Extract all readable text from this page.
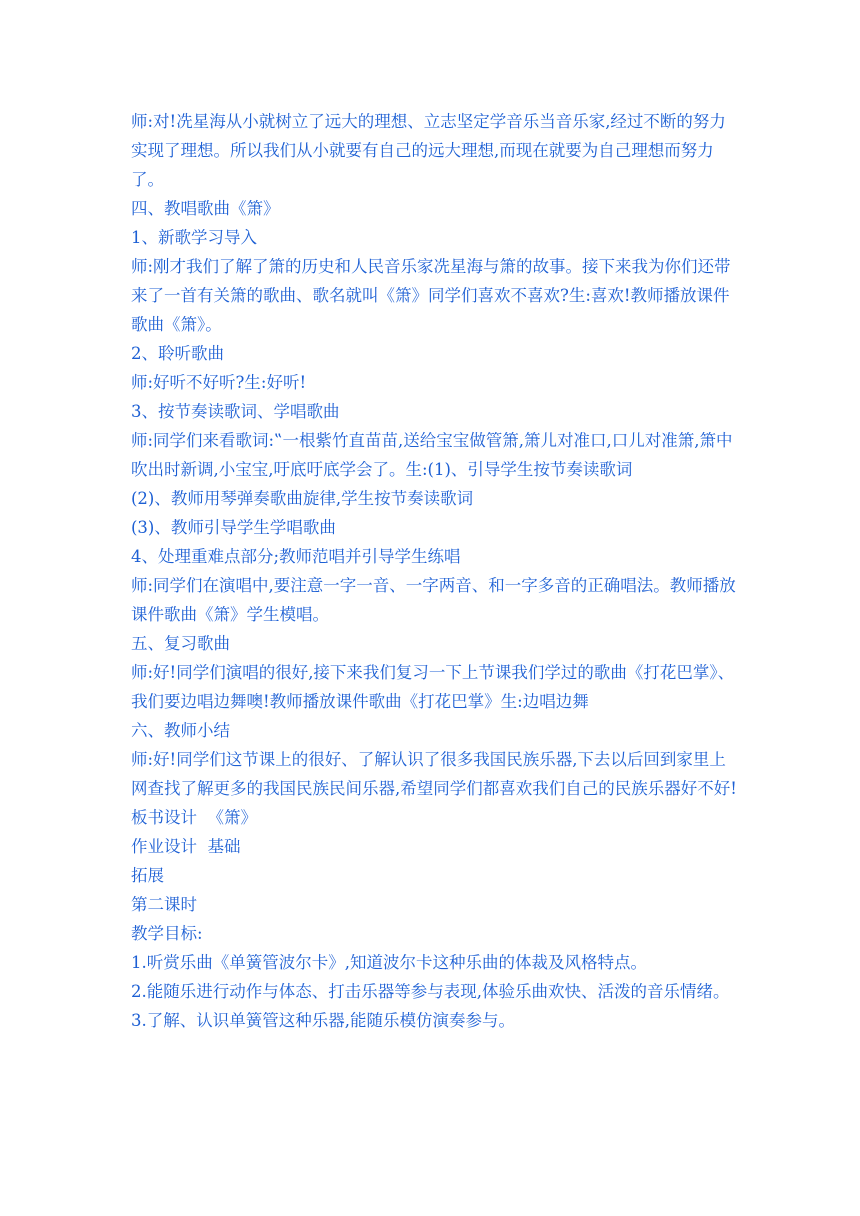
师:对!冼星海从小就树立了远大的理想、立志坚定学音乐当音乐家,经过不断的努力实现了理想。所以我们从小就要有自己的远大理想,而现在就要为自己理想而努力了。

四、教唱歌曲《箫》

1、新歌学习导入

师:刚才我们了解了箫的历史和人民音乐家冼星海与箫的故事。接下来我为你们还带来了一首有关箫的歌曲、歌名就叫《箫》同学们喜欢不喜欢?生:喜欢!教师播放课件歌曲《箫》。

2、聆听歌曲

师:好听不好听?生:好听!

3、按节奏读歌词、学唱歌曲

师:同学们来看歌词:‟一根紫竹直苗苗,送给宝宝做管箫,箫儿对准口,口儿对准箫,箫中吹出时新调,小宝宝,吁底吁底学会了。生:(1)、引导学生按节奏读歌词

(2)、教师用琴弹奏歌曲旋律,学生按节奏读歌词

(3)、教师引导学生学唱歌曲

4、处理重难点部分;教师范唱并引导学生练唱

师:同学们在演唱中,要注意一字一音、一字两音、和一字多音的正确唱法。教师播放课件歌曲《箫》学生模唱。

五、复习歌曲

师:好!同学们演唱的很好,接下来我们复习一下上节课我们学过的歌曲《打花巴掌》、我们要边唱边舞噢!教师播放课件歌曲《打花巴掌》生:边唱边舞

六、教师小结

师:好!同学们这节课上的很好、了解认识了很多我国民族乐器,下去以后回到家里上网查找了解更多的我国民族民间乐器,希望同学们都喜欢我们自己的民族乐器好不好!

板书设计  《箫》

作业设计  基础

拓展

第二课时

教学目标:

1.听赏乐曲《单簧管波尔卡》,知道波尔卡这种乐曲的体裁及风格特点。

2.能随乐进行动作与体态、打击乐器等参与表现,体验乐曲欢快、活泼的音乐情绪。

3.了解、认识单簧管这种乐器,能随乐模仿演奏参与。
